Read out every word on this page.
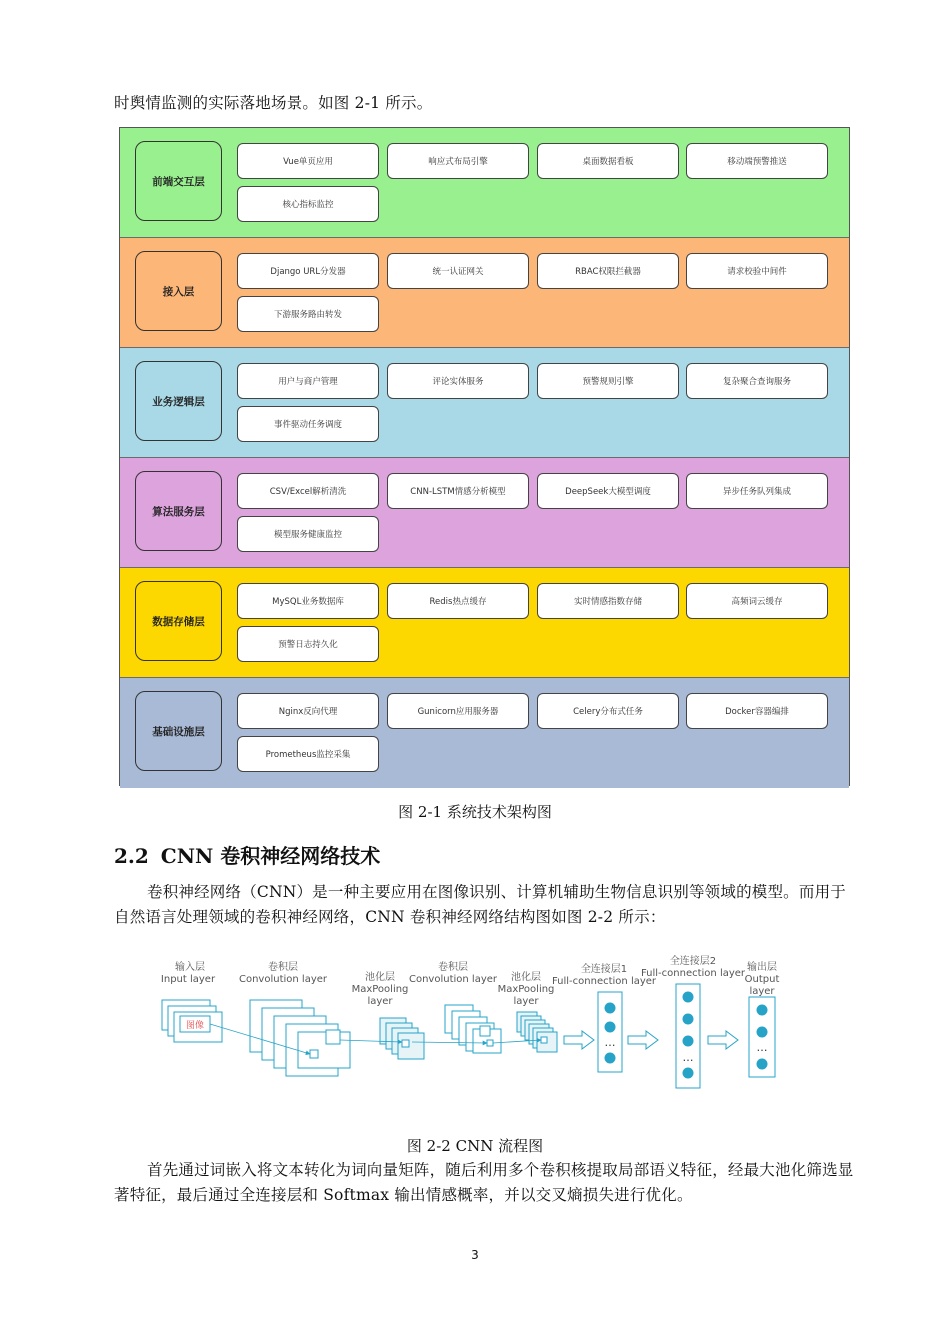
时舆情监测的实际落地场景。如图 2-1 所示。
前端交互层
Vue单页应用	响应式布局引擎	桌面数据看板	移动端预警推送
核心指标监控
接入层
Django URL分发器	统一认证网关	RBAC权限拦截器	请求校验中间件
下游服务路由转发
业务逻辑层
用户与商户管理	评论实体服务	预警规则引擎	复杂聚合查询服务
事件驱动任务调度
算法服务层
CSV/Excel解析清洗	CNN-LSTM情感分析模型	DeepSeek大模型调度	异步任务队列集成
模型服务健康监控
数据存储层
MySQL业务数据库	Redis热点缓存	实时情感指数存储	高频词云缓存
预警日志持久化
基础设施层
Nginx反向代理	Gunicorn应用服务器	Celery分布式任务	Docker容器编排
Prometheus监控采集
图 2-1 系统技术架构图
2.2 CNN 卷积神经网络技术
卷积神经网络（CNN）是一种主要应用在图像识别、计算机辅助生物信息识别等领域的模型。而用于自然语言处理领域的卷积神经网络，CNN 卷积神经网络结构图如图 2-2 所示：
输入层
Input layer
卷积层
Convolution layer	池化层
MaxPooling
layer
卷积层
Convolution layer 池化层
MaxPooling
layer
全连接层1
Full-connection layer
全连接层2
Full-connection layer
输出层
Output
layer
图像
…
…
…
图 2-2 CNN 流程图
首先通过词嵌入将文本转化为词向量矩阵，随后利用多个卷积核提取局部语义特征，经最大池化筛选显著特征，最后通过全连接层和 Softmax 输出情感概率，并以交叉熵损失进行优化。
3
